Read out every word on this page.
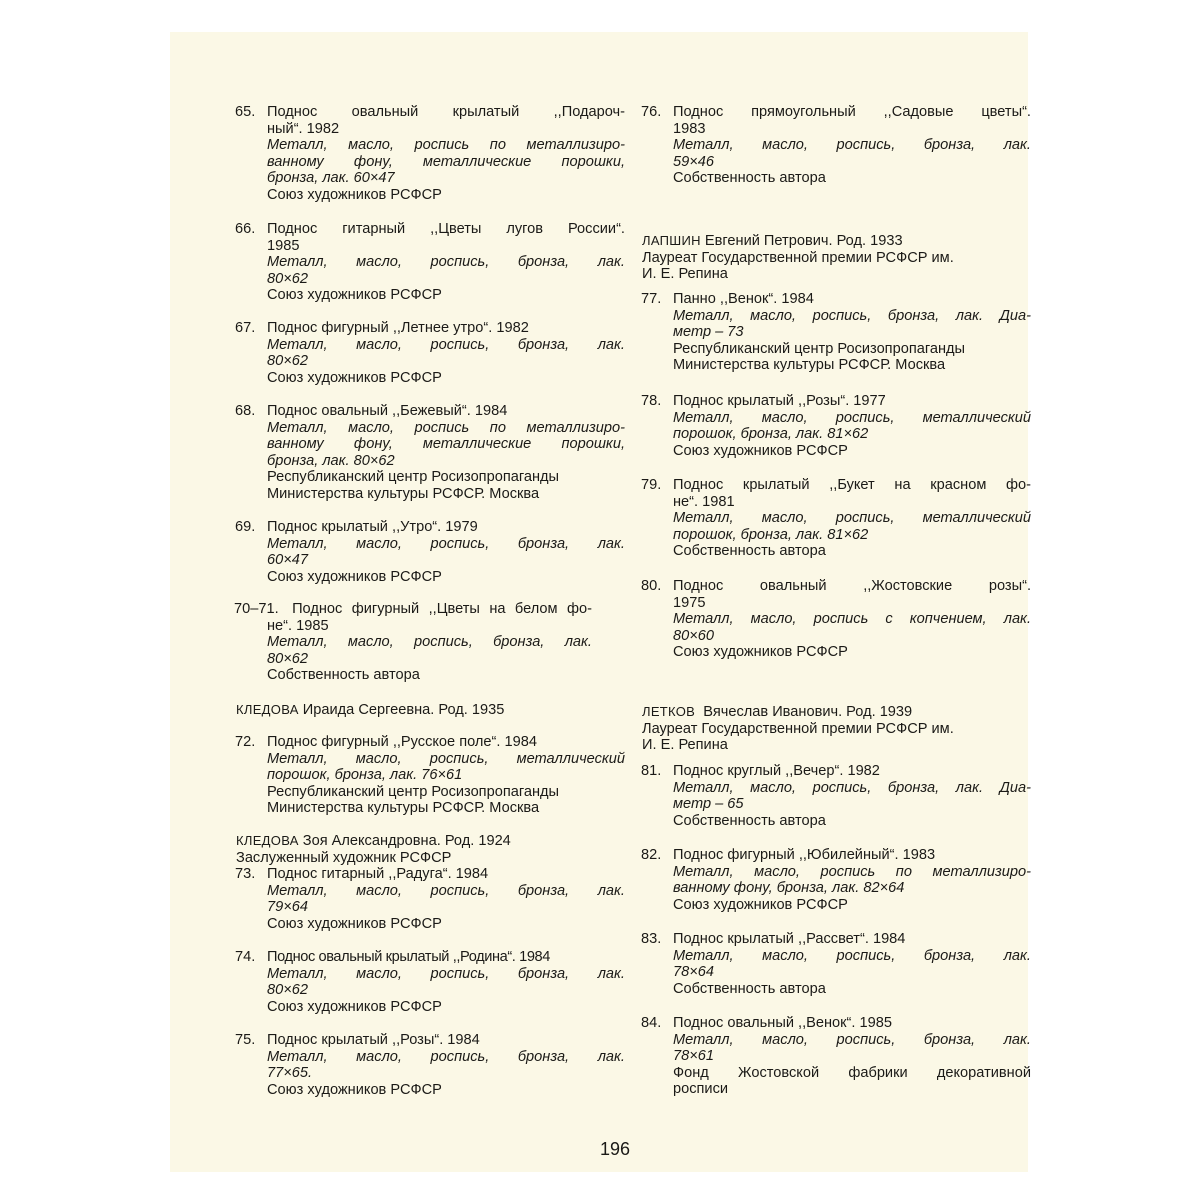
65. Поднос овальный крылатый ,,Подароч-
ный“. 1982
Металл, масло, роспись по металлизиро-
ванному фону, металлические порошки,
бронза, лак. 60×47
Союз художников РСФСР
66. Поднос гитарный ,,Цветы лугов России“.
1985
Металл, масло, роспись, бронза, лак.
80×62
Союз художников РСФСР
67. Поднос фигурный ,,Летнее утро“. 1982
Металл, масло, роспись, бронза, лак.
80×62
Союз художников РСФСР
68. Поднос овальный ,,Бежевый“. 1984
Металл, масло, роспись по металлизиро-
ванному фону, металлические порошки,
бронза, лак. 80×62
Республиканский центр Росизопропаганды
Министерства культуры РСФСР. Москва
69. Поднос крылатый ,,Утро“. 1979
Металл, масло, роспись, бронза, лак.
60×47
Союз художников РСФСР
70–71. Поднос фигурный ,,Цветы на белом фо-
не“. 1985
Металл, масло, роспись, бронза, лак.
80×62
Собственность автора
КЛЕДОВА Ираида Сергеевна. Род. 1935
72. Поднос фигурный ,,Русское поле“. 1984
Металл, масло, роспись, металлический
порошок, бронза, лак. 76×61
Республиканский центр Росизопропаганды
Министерства культуры РСФСР. Москва
КЛЕДОВА Зоя Александровна. Род. 1924
Заслуженный художник РСФСР
73. Поднос гитарный ,,Радуга“. 1984
Металл, масло, роспись, бронза, лак.
79×64
Союз художников РСФСР
74. Поднос овальный крылатый ,,Родина“. 1984
Металл, масло, роспись, бронза, лак.
80×62
Союз художников РСФСР
75. Поднос крылатый ,,Розы“. 1984
Металл, масло, роспись, бронза, лак.
77×65.
Союз художников РСФСР
76. Поднос прямоугольный ,,Садовые цветы“.
1983
Металл, масло, роспись, бронза, лак.
59×46
Собственность автора
ЛАПШИН Евгений Петрович. Род. 1933
Лауреат Государственной премии РСФСР им.
И. Е. Репина
77. Панно ,,Венок“. 1984
Металл, масло, роспись, бронза, лак. Диа-
метр – 73
Республиканский центр Росизопропаганды
Министерства культуры РСФСР. Москва
78. Поднос крылатый ,,Розы“. 1977
Металл, масло, роспись, металлический
порошок, бронза, лак. 81×62
Союз художников РСФСР
79. Поднос крылатый ,,Букет на красном фо-
не“. 1981
Металл, масло, роспись, металлический
порошок, бронза, лак. 81×62
Собственность автора
80. Поднос овальный ,,Жостовские розы“.
1975
Металл, масло, роспись с копчением, лак.
80×60
Союз художников РСФСР
ЛЕТКОВ  Вячеслав Иванович. Род. 1939
Лауреат Государственной премии РСФСР им.
И. Е. Репина
81. Поднос круглый ,,Вечер“. 1982
Металл, масло, роспись, бронза, лак. Диа-
метр – 65
Собственность автора
82. Поднос фигурный ,,Юбилейный“. 1983
Металл, масло, роспись по металлизиро-
ванному фону, бронза, лак. 82×64
Союз художников РСФСР
83. Поднос крылатый ,,Рассвет“. 1984
Металл, масло, роспись, бронза, лак.
78×64
Собственность автора
84. Поднос овальный ,,Венок“. 1985
Металл, масло, роспись, бронза, лак.
78×61
Фонд Жостовской фабрики декоративной
росписи
196
